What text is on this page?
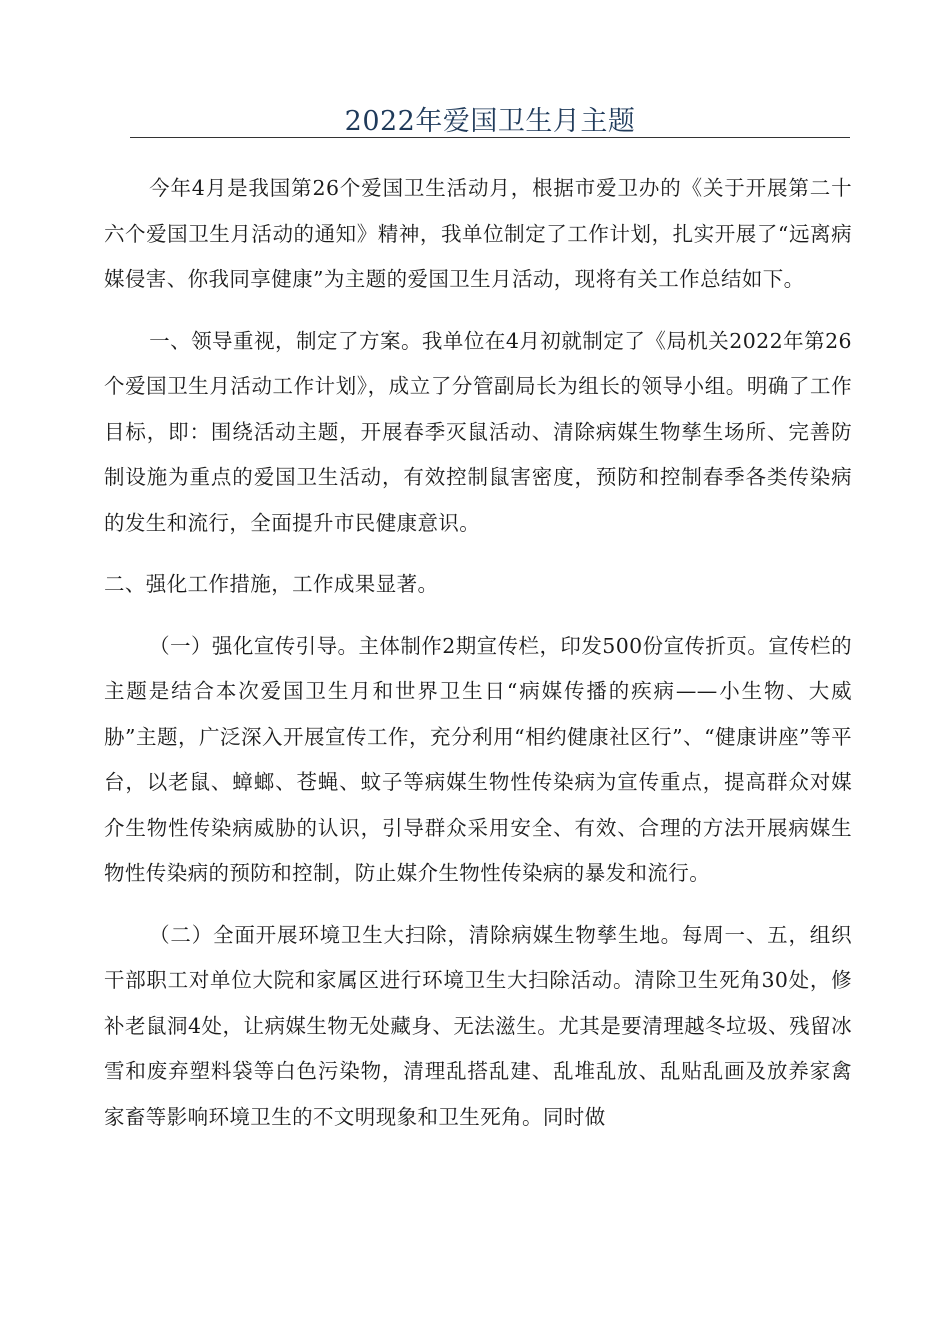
2022年爱国卫生月主题

今年4月是我国第26个爱国卫生活动月，根据市爱卫办的《关于开展第二十六个爱国卫生月活动的通知》精神，我单位制定了工作计划，扎实开展了“远离病媒侵害、你我同享健康”为主题的爱国卫生月活动，现将有关工作总结如下。

一、领导重视，制定了方案。我单位在4月初就制定了《局机关2022年第26个爱国卫生月活动工作计划》，成立了分管副局长为组长的领导小组。明确了工作目标，即：围绕活动主题，开展春季灭鼠活动、清除病媒生物孳生场所、完善防制设施为重点的爱国卫生活动，有效控制鼠害密度，预防和控制春季各类传染病的发生和流行，全面提升市民健康意识。

二、强化工作措施，工作成果显著。

（一）强化宣传引导。主体制作2期宣传栏，印发500份宣传折页。宣传栏的主题是结合本次爱国卫生月和世界卫生日“病媒传播的疾病——小生物、大威胁”主题，广泛深入开展宣传工作，充分利用“相约健康社区行”、“健康讲座”等平台，以老鼠、蟑螂、苍蝇、蚊子等病媒生物性传染病为宣传重点，提高群众对媒介生物性传染病威胁的认识，引导群众采用安全、有效、合理的方法开展病媒生物性传染病的预防和控制，防止媒介生物性传染病的暴发和流行。

（二）全面开展环境卫生大扫除，清除病媒生物孳生地。每周一、五，组织干部职工对单位大院和家属区进行环境卫生大扫除活动。清除卫生死角30处，修补老鼠洞4处，让病媒生物无处藏身、无法滋生。尤其是要清理越冬垃圾、残留冰雪和废弃塑料袋等白色污染物，清理乱搭乱建、乱堆乱放、乱贴乱画及放养家禽家畜等影响环境卫生的不文明现象和卫生死角。同时做
